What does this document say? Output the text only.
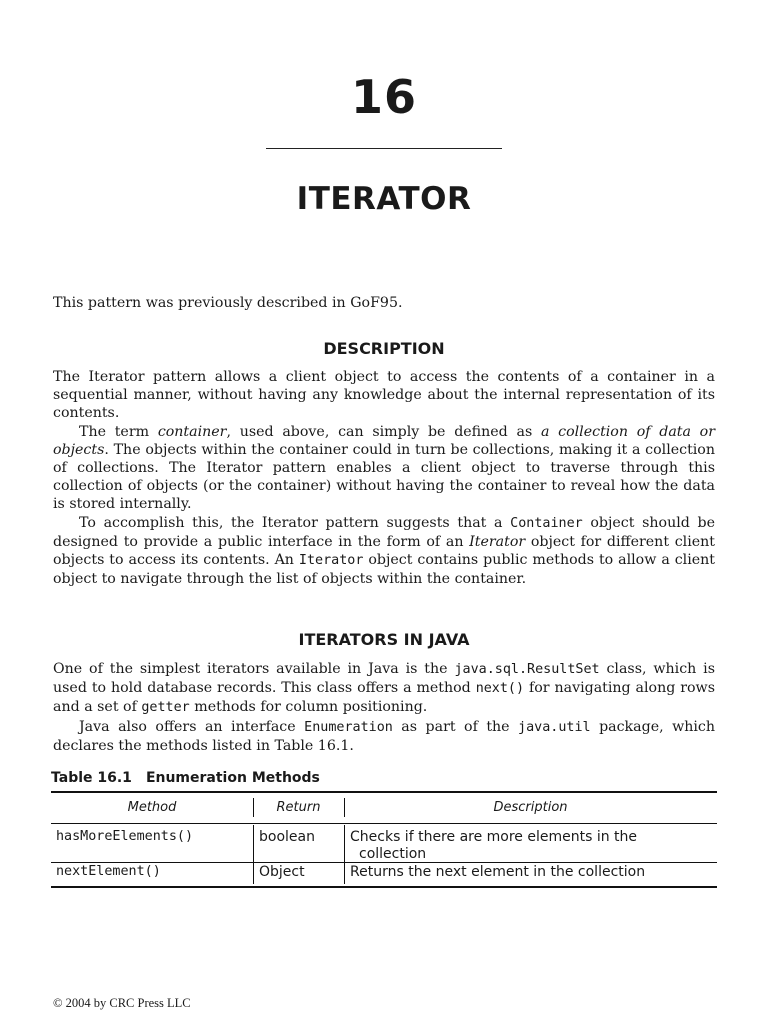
16
ITERATOR

This pattern was previously described in GoF95.

DESCRIPTION

The Iterator pattern allows a client object to access the contents of a container in a sequential manner, without having any knowledge about the internal representation of its contents.

The term container, used above, can simply be defined as a collection of data or objects. The objects within the container could in turn be collections, making it a collection of collections. The Iterator pattern enables a client object to traverse through this collection of objects (or the container) without having the container to reveal how the data is stored internally.

To accomplish this, the Iterator pattern suggests that a Container object should be designed to provide a public interface in the form of an Iterator object for different client objects to access its contents. An Iterator object contains public methods to allow a client object to navigate through the list of objects within the container.

ITERATORS IN JAVA

One of the simplest iterators available in Java is the java.sql.ResultSet class, which is used to hold database records. This class offers a method next() for navigating along rows and a set of getter methods for column positioning.

Java also offers an interface Enumeration as part of the java.util package, which declares the methods listed in Table 16.1.

Table 16.1 Enumeration Methods
Method	Return	Description
hasMoreElements()	boolean	Checks if there are more elements in the
collection
nextElement()	Object	Returns the next element in the collection
© 2004 by CRC Press LLC
